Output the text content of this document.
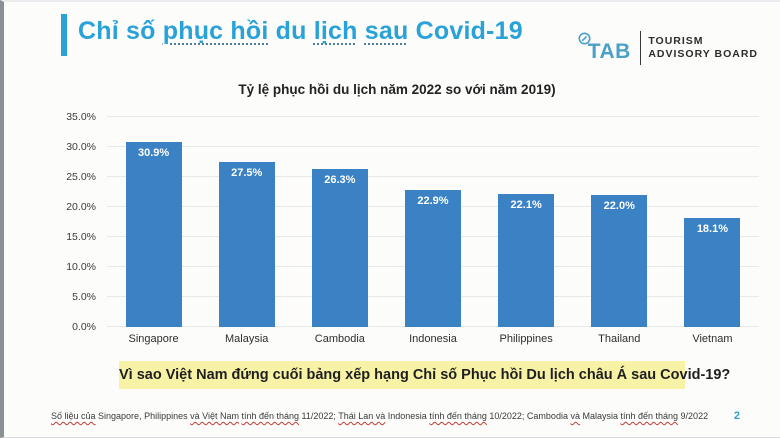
Chỉ số phục hồi du lịch sau Covid-19
TAB TOURISM
ADVISORY BOARD
Tỷ lệ phục hồi du lịch năm 2022 so với năm 2019)
0.0%
5.0%
10.0%
15.0%
20.0%
25.0%
30.0%
35.0%
30.9%
27.5%
26.3%
22.9%	22.1%	22.0%
18.1%
Singapore	Malaysia	Cambodia	Indonesia	Philippines	Thailand	Vietnam
Vì sao Việt Nam đứng cuối bảng xếp hạng Chỉ số Phục hồi Du lịch châu Á sau Covid-19?
Số liệu của Singapore, Philippines và Việt Nam tính đến tháng 11/2022; Thái Lan và Indonesia tính đến tháng 10/2022; Cambodia và Malaysia tính đến tháng 9/2022	2
